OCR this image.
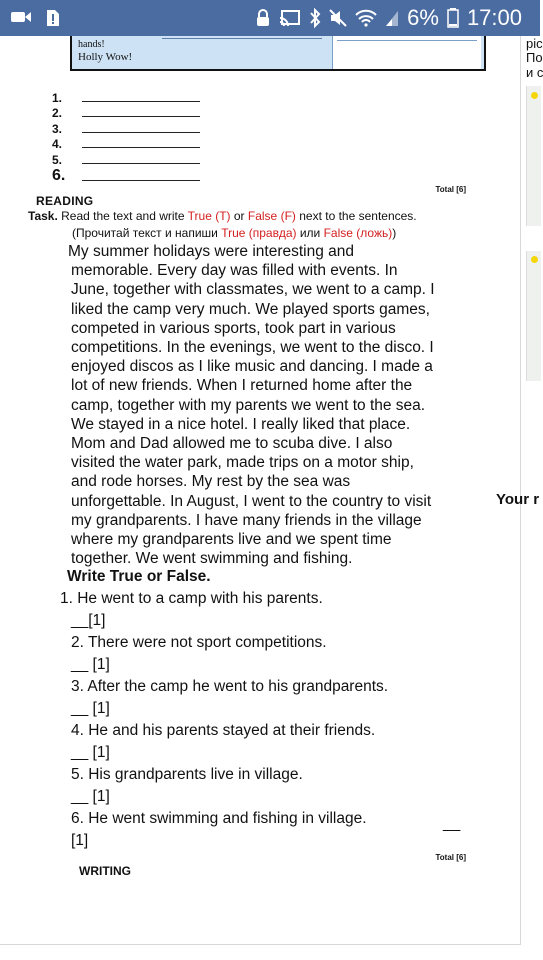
6% 17:00
hands!
Holly Wow!
1.
2.
3.
4.
5.
6.
Total [6]
READING
Task. Read the text and write True (T) or False (F) next to the sentences.
(Прочитай текст и напиши True (правда) или False (ложь))

My summer holidays were interesting and

memorable. Every day was filled with events. In

June, together with classmates, we went to a camp. I

liked the camp very much. We played sports games,

competed in various sports, took part in various

competitions. In the evenings, we went to the disco. I

enjoyed discos as I like music and dancing. I made a

lot of new friends. When I returned home after the

camp, together with my parents we went to the sea.

We stayed in a nice hotel. I really liked that place.

Mom and Dad allowed me to scuba dive. I also

visited the water park, made trips on a motor ship,

and rode horses. My rest by the sea was

unforgettable. In August, I went to the country to visit

my grandparents. I have many friends in the village

where my grandparents live and we spent time

together. We went swimming and fishing.

Write True or False.
1. He went to a camp with his parents.
__[1]
2. There were not sport competitions.
__ [1]
3. After the camp he went to his grandparents.
__ [1]
4. He and his parents stayed at their friends.
__ [1]
5. His grandparents live in village.
__ [1]
6. He went swimming and fishing in village.	__
[1]
Total [6]
WRITING
pic
По
и с
Your r
